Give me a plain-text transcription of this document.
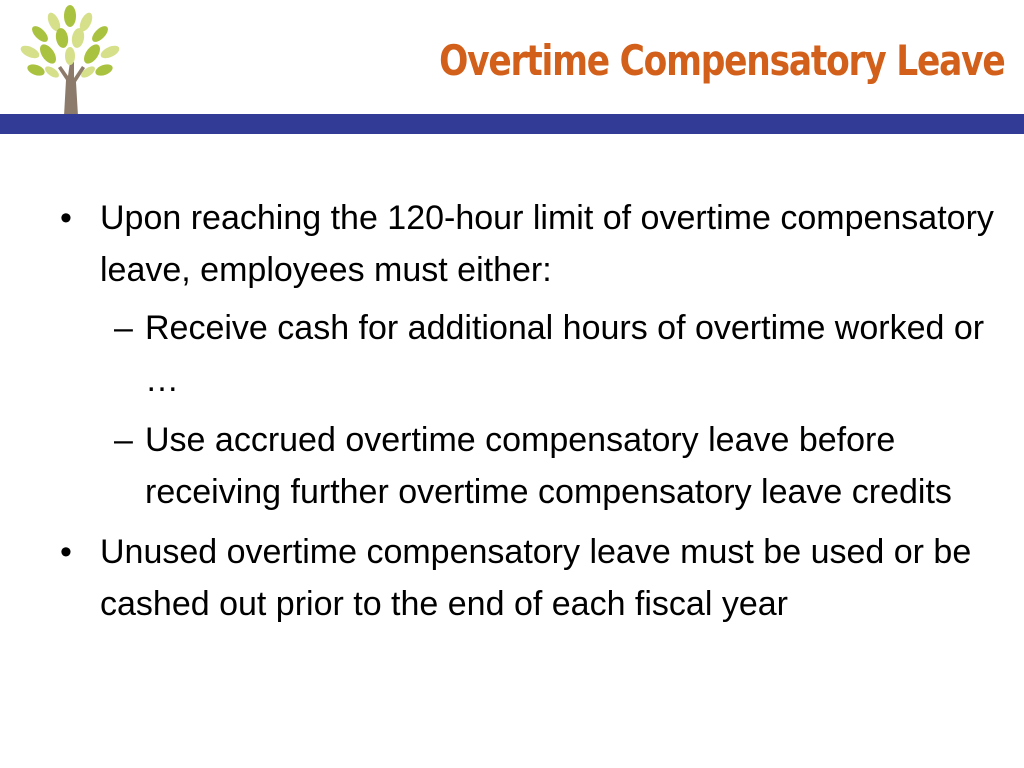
Overtime Compensatory Leave
• Upon reaching the 120-hour limit of overtime compensatory leave, employees must either:
– Receive cash for additional hours of overtime worked or …
– Use accrued overtime compensatory leave before receiving further overtime compensatory leave credits
• Unused overtime compensatory leave must be used or be cashed out prior to the end of each fiscal year
